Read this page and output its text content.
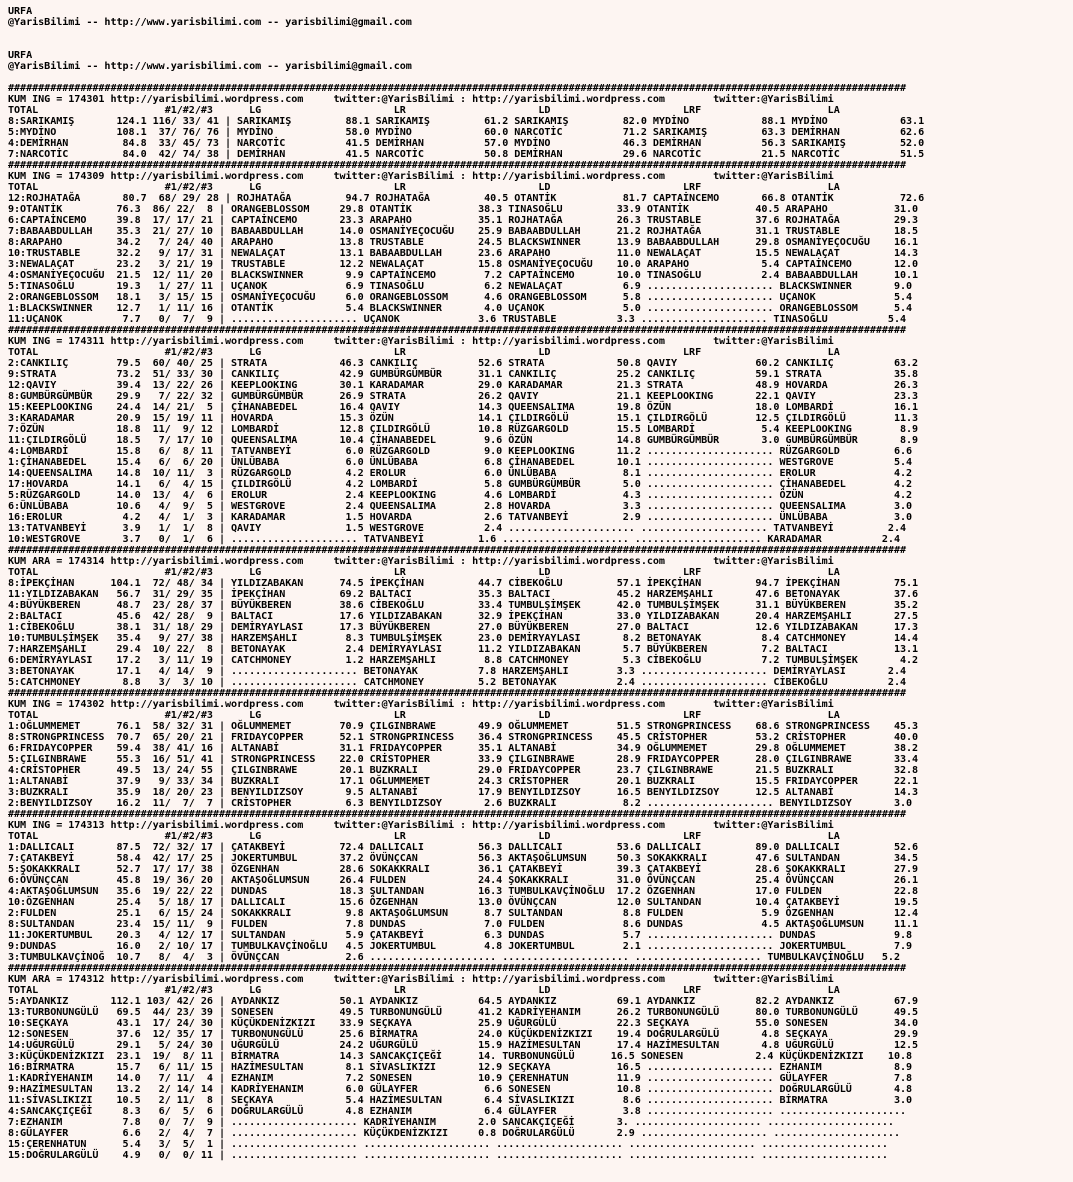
URFA
@YarisBilimi -- http://www.yarisbilimi.com -- yarisbilimi@gmail.com

URFA
@YarisBilimi -- http://www.yarisbilimi.com -- yarisbilimi@gmail.com

#####################################################################################################################################################
KUM ING = 174301 http://yarisbilimi.wordpress.com     twitter:@YarisBilimi : http://yarisbilimi.wordpress.com        twitter:@YarisBilimi
TOTAL                     #1/#2/#3      LG                      LR                      LD                      LRF                     LA
8:SARIKAMIŞ       124.1 116/ 33/ 41 | SARIKAMIŞ         88.1 SARIKAMIŞ         61.2 SARIKAMIŞ         82.0 MYDİNO            88.1 MYDİNO            63.1
5:MYDİNO          108.1  37/ 76/ 76 | MYDİNO            58.0 MYDİNO            60.0 NARCOTİC          71.2 SARIKAMIŞ         63.3 DEMİRHAN          62.6
4:DEMİRHAN         84.8  33/ 45/ 73 | NARCOTİC          41.5 DEMİRHAN          57.0 MYDİNO            46.3 DEMİRHAN          56.3 SARIKAMIŞ         52.0
7:NARCOTİC         84.0  42/ 74/ 38 | DEMİRHAN          41.5 NARCOTİC          50.8 DEMİRHAN          29.6 NARCOTİC          21.5 NARCOTİC          51.5
#####################################################################################################################################################
KUM ING = 174309 http://yarisbilimi.wordpress.com     twitter:@YarisBilimi : http://yarisbilimi.wordpress.com        twitter:@YarisBilimi
TOTAL                     #1/#2/#3      LG                      LR                      LD                      LRF                     LA
12:ROJHATAĞA       80.7  68/ 29/ 28 | ROJHATAĞA         94.7 ROJHATAĞA         40.5 OTANTİK           81.7 CAPTAİNCEMO       66.8 OTANTİK           72.6
9:OTANTİK         76.3  86/ 22/  8 | ORANGEBLOSSOM     29.8 OTANTİK           38.3 TINASOĞLU         33.9 OTANTİK           40.5 ARAPAHO           31.0
6:CAPTAİNCEMO     39.8  17/ 17/ 21 | CAPTAİNCEMO       23.3 ARAPAHO           35.1 ROJHATAĞA         26.3 TRUSTABLE         37.6 ROJHATAĞA         29.3
7:BABAABDULLAH    35.3  21/ 27/ 10 | BABAABDULLAH      14.0 OSMANİYEÇOCUĞU    25.9 BABAABDULLAH      21.2 ROJHATAĞA         31.1 TRUSTABLE         18.5
8:ARAPAHO         34.2   7/ 24/ 40 | ARAPAHO           13.8 TRUSTABLE         24.5 BLACKSWINNER      13.9 BABAABDULLAH      29.8 OSMANİYEÇOCUĞU    16.1
10:TRUSTABLE      32.2   9/ 17/ 31 | NEWALAÇAT         13.1 BABAABDULLAH      23.6 ARAPAHO           11.0 NEWALAÇAT         15.5 NEWALAÇAT         14.3
3:NEWALAÇAT       23.2   3/ 21/ 19 | TRUSTABLE         12.2 NEWALAÇAT         15.8 OSMANİYEÇOCUĞU    10.0 ARAPAHO            5.4 CAPTAİNCEMO       12.0
4:OSMANİYEÇOCUĞU  21.5  12/ 11/ 20 | BLACKSWINNER       9.9 CAPTAİNCEMO        7.2 CAPTAİNCEMO       10.0 TINASOĞLU          2.4 BABAABDULLAH      10.1
5:TINASOĞLU       19.3   1/ 27/ 11 | UÇANOK             6.9 TINASOĞLU          6.2 NEWALAÇAT          6.9 ..................... BLACKSWINNER       9.0
2:ORANGEBLOSSOM   18.1   3/ 15/ 15 | OSMANİYEÇOCUĞU     6.0 ORANGEBLOSSOM      4.6 ORANGEBLOSSOM      5.8 ..................... UÇANOK             5.4
1:BLACKSWINNER    12.7   1/ 11/ 16 | OTANTİK            5.4 BLACKSWINNER       4.0 UÇANOK             5.0 ..................... ORANGEBLOSSOM      5.4
11:UÇANOK          7.7   0/  7/  9 | ..................... UÇANOK             3.6 TRUSTABLE          3.3 ..................... TINASOĞLU          5.4
#####################################################################################################################################################
KUM ING = 174311 http://yarisbilimi.wordpress.com     twitter:@YarisBilimi : http://yarisbilimi.wordpress.com        twitter:@YarisBilimi
TOTAL                     #1/#2/#3      LG                      LR                      LD                      LRF                     LA
2:CANKILIÇ        79.5  60/ 40/ 25 | STRATA            46.3 CANKILIÇ          52.6 STRATA            50.8 QAVIY             60.2 CANKILIÇ          63.2
9:STRATA          73.2  51/ 33/ 30 | CANKILIÇ          42.9 GUMBÜRGÜMBÜR      31.1 CANKILIÇ          25.2 CANKILIÇ          59.1 STRATA            35.8
12:QAVIY          39.4  13/ 22/ 26 | KEEPLOOKING       30.1 KARADAMAR         29.0 KARADAMAR         21.3 STRATA            48.9 HOVARDA           26.3
8:GUMBÜRGÜMBÜR    29.9   7/ 22/ 32 | GUMBÜRGÜMBÜR      26.9 STRATA            26.2 QAVIY             21.1 KEEPLOOKING       22.1 QAVIY             23.3
15:KEEPLOOKING    24.4  14/ 21/  5 | ÇİHANABEDEL       16.4 QAVIY             14.3 QUEENSALIMA       19.8 ÖZÜN              18.0 LOMBARDİ          16.1
3:KARADAMAR       20.9  15/ 19/ 11 | HOVARDA           15.3 ÖZÜN              14.1 ÇILDIRGÖLÜ        15.1 ÇILDIRGÖLÜ        12.5 ÇILDIRGÖLÜ        11.3
7:ÖZÜN            18.8  11/  9/ 12 | LOMBARDİ          12.8 ÇILDIRGÖLÜ        10.8 RÜZGARGOLD        15.5 LOMBARDİ           5.4 KEEPLOOKING        8.9
11:ÇILDIRGÖLÜ     18.5   7/ 17/ 10 | QUEENSALIMA       10.4 ÇİHANABEDEL        9.6 ÖZÜN              14.8 GUMBÜRGÜMBÜR       3.0 GUMBÜRGÜMBÜR       8.9
4:LOMBARDİ        15.8   6/  8/ 11 | TATVANBEYİ         6.0 RÜZGARGOLD         9.0 KEEPLOOKING       11.2 ..................... RÜZGARGOLD         6.6
1:ÇİHANABEDEL     15.4   6/  6/ 20 | ÜNLÜBABA           6.0 ÜNLÜBABA           6.8 ÇİHANABEDEL       10.1 ..................... WESTGROVE          5.4
14:QUEENSALIMA    14.8  10/ 11/  3 | RÜZGARGOLD         4.2 EROLUR             6.0 ÜNLÜBABA           8.1 ..................... EROLUR             4.2
17:HOVARDA        14.1   6/  4/ 15 | ÇILDIRGÖLÜ         4.2 LOMBARDİ           5.8 GUMBÜRGÜMBÜR       5.0 ..................... ÇİHANABEDEL        4.2
5:RÜZGARGOLD      14.0  13/  4/  6 | EROLUR             2.4 KEEPLOOKING        4.6 LOMBARDİ           4.3 ..................... ÖZÜN               4.2
6:ÜNLÜBABA        10.6   4/  9/  5 | WESTGROVE          2.4 QUEENSALIMA        2.8 HOVARDA            3.3 ..................... QUEENSALIMA        3.0
16:EROLUR          4.2   4/  1/  3 | KARADAMAR          1.5 HOVARDA            2.6 TATVANBEYİ         2.9 ..................... ÜNLÜBABA           3.0
13:TATVANBEYİ      3.9   1/  1/  8 | QAVIY              1.5 WESTGROVE          2.4 ..................... ..................... TATVANBEYİ         2.4
10:WESTGROVE       3.7   0/  1/  6 | ..................... TATVANBEYİ         1.6 ..................... ..................... KARADAMAR          2.4
#####################################################################################################################################################
KUM ARA = 174314 http://yarisbilimi.wordpress.com     twitter:@YarisBilimi : http://yarisbilimi.wordpress.com        twitter:@YarisBilimi
TOTAL                     #1/#2/#3      LG                      LR                      LD                      LRF                     LA
8:İPEKÇİHAN      104.1  72/ 48/ 34 | YILDIZABAKAN      74.5 İPEKÇİHAN         44.7 CİBEKOĞLU         57.1 İPEKÇİHAN         94.7 İPEKÇİHAN         75.1
11:YILDIZABAKAN   56.7  31/ 29/ 35 | İPEKÇİHAN         69.2 BALTACI           35.3 BALTACI           45.2 HARZEMŞAHLI       47.6 BETONAYAK         37.6
4:BÜYÜKBEREN      48.7  23/ 28/ 37 | BÜYÜKBEREN        38.6 CİBEKOĞLU         33.4 TUMBULŞİMŞEK      42.0 TUMBULŞİMŞEK      31.1 BÜYÜKBEREN        35.2
2:BALTACI         45.6  42/ 28/  9 | BALTACI           17.6 YILDIZABAKAN      32.9 İPEKÇİHAN         33.0 YILDIZABAKAN      20.4 HARZEMŞAHLI       27.5
1:CİBEKOĞLU       38.1  31/ 18/ 29 | DEMİRYAYLASI      17.3 BÜYÜKBEREN        27.0 BÜYÜKBEREN        27.0 BALTACI           12.6 YILDIZABAKAN      17.3
10:TUMBULŞİMŞEK   35.4   9/ 27/ 38 | HARZEMŞAHLI        8.3 TUMBULŞİMŞEK      23.0 DEMİRYAYLASI       8.2 BETONAYAK          8.4 CATCHMONEY        14.4
7:HARZEMŞAHLI     29.4  10/ 22/  8 | BETONAYAK          2.4 DEMİRYAYLASI      11.2 YILDIZABAKAN       5.7 BÜYÜKBEREN         7.2 BALTACI           13.1
6:DEMİRYAYLASI    17.2   3/ 11/ 19 | CATCHMONEY         1.2 HARZEMŞAHLI        8.8 CATCHMONEY         5.3 CİBEKOĞLU          7.2 TUMBULŞİMŞEK       4.2
3:BETONAYAK       17.1   4/ 14/  9 | ..................... BETONAYAK          7.8 HARZEMŞAHLI        3.3 ..................... DEMİRYAYLASI       2.4
5:CATCHMONEY       8.8   3/  3/ 10 | ..................... CATCHMONEY         5.2 BETONAYAK          2.4 ..................... CİBEKOĞLU          2.4
#####################################################################################################################################################
KUM ING = 174302 http://yarisbilimi.wordpress.com     twitter:@YarisBilimi : http://yarisbilimi.wordpress.com        twitter:@YarisBilimi
TOTAL                     #1/#2/#3      LG                      LR                      LD                      LRF                     LA
1:OĞLUMMEMET      76.1  58/ 32/ 31 | OĞLUMMEMET        70.9 ÇILGINBRAWE       49.9 OĞLUMMEMET        51.5 STRONGPRINCESS    68.6 STRONGPRINCESS    45.3
8:STRONGPRINCESS  70.7  65/ 20/ 21 | FRIDAYCOPPER      52.1 STRONGPRINCESS    36.4 STRONGPRINCESS    45.5 CRİSTOPHER        53.2 CRİSTOPHER        40.0
6:FRIDAYCOPPER    59.4  38/ 41/ 16 | ALTANABİ          31.1 FRIDAYCOPPER      35.1 ALTANABİ          34.9 OĞLUMMEMET        29.8 OĞLUMMEMET        38.2
5:ÇILGINBRAWE     55.3  16/ 51/ 41 | STRONGPRINCESS    22.0 CRİSTOPHER        33.9 ÇILGINBRAWE       28.9 FRIDAYCOPPER      28.0 ÇILGINBRAWE       33.4
4:CRİSTOPHER      49.5  13/ 24/ 55 | ÇILGINBRAWE       20.1 BUZKRALI          29.0 FRIDAYCOPPER      23.7 ÇILGINBRAWE       21.5 BUZKRALI          32.8
1:ALTANABİ        37.9   9/ 33/ 34 | BUZKRALI          17.1 OĞLUMMEMET        24.3 CRİSTOPHER        20.1 BUZKRALI          15.5 FRIDAYCOPPER      22.1
3:BUZKRALI        35.9  18/ 20/ 23 | BENYILDIZSOY       9.5 ALTANABİ          17.9 BENYILDIZSOY      16.5 BENYILDIZSOY      12.5 ALTANABİ          14.3
2:BENYILDIZSOY    16.2  11/  7/  7 | CRİSTOPHER         6.3 BENYILDIZSOY       2.6 BUZKRALI           8.2 ..................... BENYILDIZSOY       3.0
#####################################################################################################################################################
KUM ING = 174313 http://yarisbilimi.wordpress.com     twitter:@YarisBilimi : http://yarisbilimi.wordpress.com        twitter:@YarisBilimi
TOTAL                     #1/#2/#3      LG                      LR                      LD                      LRF                     LA
1:DALLICALI       87.5  72/ 32/ 17 | ÇATAKBEYİ         72.4 DALLICALI         56.3 DALLICALI         53.6 DALLICALI         89.0 DALLICALI         52.6
7:ÇATAKBEYİ       58.4  42/ 17/ 25 | JOKERTUMBUL       37.2 ÖVÜNÇCAN          56.3 AKTAŞOĞLUMSUN     50.3 SOKAKKRALI        47.6 SULTANDAN         34.5
5:ŞOKAKKRALI      52.7  17/ 17/ 38 | ÖZGENHAN          28.6 SOKAKKRALI        36.1 ÇATAKBEYİ         39.3 ÇATAKBEYİ         28.6 ŞOKAKKRALI        27.9
6:ÖVÜNÇCAN        45.8  19/ 36/ 20 | AKTAŞOĞLUMSUN     26.4 FULDEN            24.4 ŞOKAKKRALI        31.0 ÖVÜNÇCAN          25.4 ÖVÜNÇCAN          26.1
4:AKTAŞOĞLUMSUN   35.6  19/ 22/ 22 | DUNDAS            18.3 ŞULTANDAN         16.3 TUMBULKAVÇİNOĞLU  17.2 ÖZGENHAN          17.0 FULDEN            22.8
10:ÖZGENHAN       25.4   5/ 18/ 17 | DALLICALI         15.6 ÖZGENHAN          13.0 ÖVÜNÇCAN          12.0 SULTANDAN         10.4 ÇATAKBEYİ         19.5
2:FULDEN          25.1   6/ 15/ 24 | SOKAKKRALI         9.8 AKTAŞOĞLUMSUN      8.7 SULTANDAN          8.8 FULDEN             5.9 ÖZGENHAN          12.4
8:SULTANDAN       23.4  15/ 11/  9 | FULDEN             7.8 DUNDAS             7.0 FULDEN             8.6 DUNDAS             4.5 AKTAŞOĞLUMSUN     11.1
11:JOKERTUMBUL    20.3   4/ 12/ 17 | SULTANDAN          5.9 ÇATAKBEYİ          6.3 DUNDAS             5.7 ..................... DUNDAS             9.8
9:DUNDAS          16.0   2/ 10/ 17 | TUMBULKAVÇİNOĞLU   4.5 JOKERTUMBUL        4.8 JOKERTUMBUL        2.1 ..................... JOKERTUMBUL        7.9
3:TUMBULKAVÇİNOĞ  10.7   8/  4/  3 | ÖVÜNÇCAN           2.6 ..................... ..................... ..................... TUMBULKAVÇİNOĞLU   5.2
#####################################################################################################################################################
KUM ARA = 174312 http://yarisbilimi.wordpress.com     twitter:@YarisBilimi : http://yarisbilimi.wordpress.com        twitter:@YarisBilimi
TOTAL                     #1/#2/#3      LG                      LR                      LD                      LRF                     LA
5:AYDANKIZ       112.1 103/ 42/ 26 | AYDANKIZ          50.1 AYDANKIZ          64.5 AYDANKIZ          69.1 AYDANKIZ          82.2 AYDANKIZ          67.9
13:TURBONUNGÜLÜ   69.5  44/ 23/ 39 | SONESEN           49.5 TURBONUNGÜLÜ      41.2 KADRİYEHANIM      26.2 TURBONUNGÜLÜ      80.0 TURBONUNGÜLÜ      49.5
10:SEÇKAYA        43.1  17/ 24/ 30 | KÜÇÜKDENİZKIZI    33.9 SEÇKAYA           25.9 UĞURGÜLÜ          22.3 SEÇKAYA           55.0 SONESEN           34.0
12:SONESEN        37.6  12/ 35/ 17 | TURBONUNGÜLÜ      25.6 BİRMATRA          24.0 KÜÇÜKDENİZKIZI    19.4 DOĞRULARGÜLÜ       4.8 SEÇKAYA           29.9
14:UĞURGÜLÜ       29.1   5/ 24/ 30 | UĞURGÜLÜ          24.2 UĞURGÜLÜ          15.9 HAZİMESULTAN      17.4 HAZİMESULTAN       4.8 UĞURGÜLÜ          12.5
3:KÜÇÜKDENİZKIZI  23.1  19/  8/ 11 | BİRMATRA          14.3 SANCAKÇIÇEĞİ      14. TURBONUNGÜLÜ      16.5 SONESEN            2.4 KÜÇÜKDENİZKIZI    10.8
16:BİRMATRA       15.7   6/ 11/ 15 | HAZİMESULTAN       8.1 SİVASLIKIZI       12.9 SEÇKAYA           16.5 ..................... EZHANIM            8.9
1:KADRİYEHANIM    14.0   7/ 11/  4 | EZHANIM            7.2 SONESEN           10.9 ÇERENHATUN        11.9 ..................... GÜLAYFER           7.8
9:HAZİMESULTAN    13.2   2/ 14/ 14 | KADRİYEHANIM       6.0 GÜLAYFER           6.6 SONESEN           10.8 ..................... DOĞRULARGÜLÜ       4.8
11:SİVASLIKIZI    10.5   2/ 11/  8 | SEÇKAYA            5.4 HAZİMESULTAN       6.4 SİVASLIKIZI        8.6 ..................... BİRMATRA           3.0
4:SANCAKÇIÇEĞİ     8.3   6/  5/  6 | DOĞRULARGÜLÜ       4.8 EZHANIM            6.4 GÜLAYFER           3.8 ..................... .....................
7:EZHANIM          7.8   0/  7/  9 | ..................... KADRİYEHANIM       2.0 SANCAKÇIÇEĞİ       3. ..................... .....................
8:GÜLAYFER         6.6   2/  4/  7 | ..................... KÜÇÜKDENİZKIZI     0.8 DOĞRULARGÜLÜ       2.9 ..................... .....................
15:ÇERENHATUN      5.4   3/  5/  1 | ..................... ..................... ..................... ..................... .....................
15:DOĞRULARGÜLÜ    4.9   0/  0/ 11 | ..................... ..................... ..................... ..................... .....................
